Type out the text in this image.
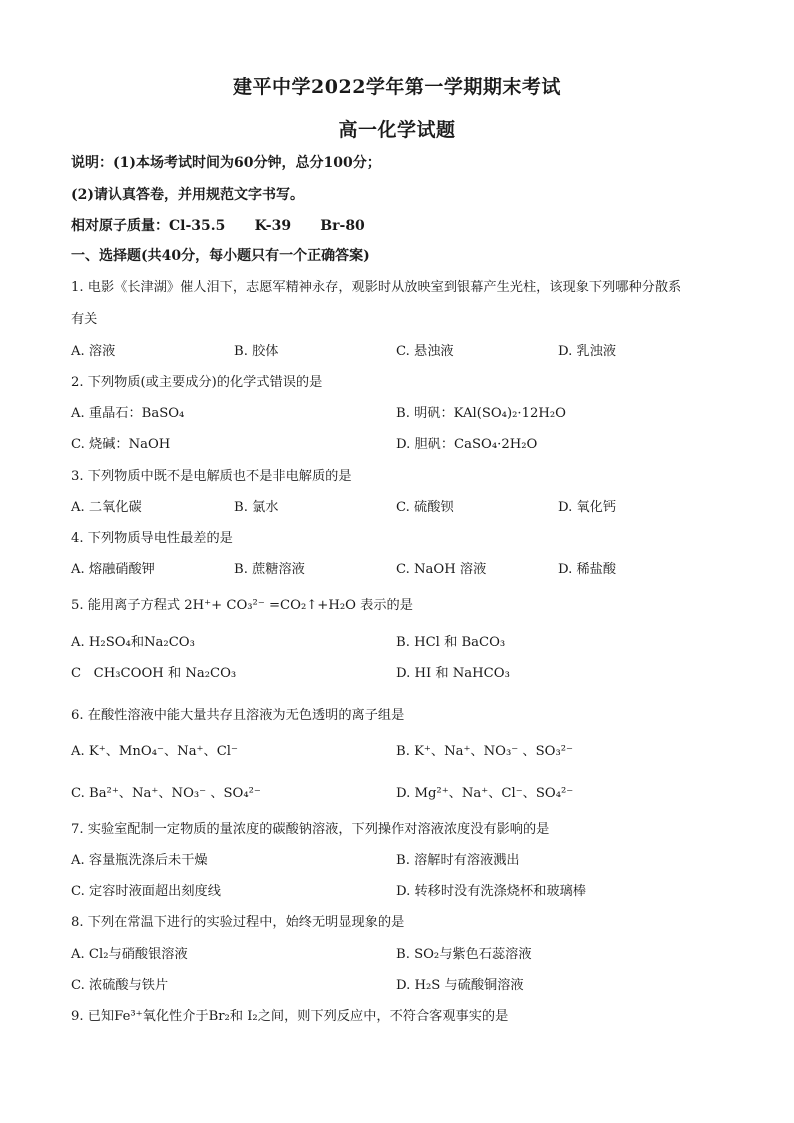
建平中学2022学年第一学期期末考试
高一化学试题
说明：(1)本场考试时间为60分钟，总分100分；
(2)请认真答卷，并用规范文字书写。
相对原子质量：Cl-35.5      K-39      Br-80
一、选择题(共40分，每小题只有一个正确答案)
1. 电影《长津湖》催人泪下，志愿军精神永存，观影时从放映室到银幕产生光柱，该现象下列哪种分散系
有关
A. 溶液	B. 胶体	C. 悬浊液	D. 乳浊液
2. 下列物质(或主要成分)的化学式错误的是
A. 重晶石：BaSO₄	B. 明矾：KAl(SO₄)₂·12H₂O
C. 烧碱：NaOH	D. 胆矾：CaSO₄·2H₂O
3. 下列物质中既不是电解质也不是非电解质的是
A. 二氧化碳	B. 氯水	C. 硫酸钡	D. 氧化钙
4. 下列物质导电性最差的是
A. 熔融硝酸钾	B. 蔗糖溶液	C. NaOH 溶液	D. 稀盐酸
5. 能用离子方程式 2H⁺+ CO₃²⁻ =CO₂↑+H₂O 表示的是
A. H₂SO₄和Na₂CO₃	B. HCl 和 BaCO₃
C   CH₃COOH 和 Na₂CO₃	D. HI 和 NaHCO₃
6. 在酸性溶液中能大量共存且溶液为无色透明的离子组是
A. K⁺、MnO₄⁻、Na⁺、Cl⁻	B. K⁺、Na⁺、NO₃⁻ 、SO₃²⁻
C. Ba²⁺、Na⁺、NO₃⁻ 、SO₄²⁻	D. Mg²⁺、Na⁺、Cl⁻、SO₄²⁻
7. 实验室配制一定物质的量浓度的碳酸钠溶液，下列操作对溶液浓度没有影响的是
A. 容量瓶洗涤后未干燥	B. 溶解时有溶液溅出
C. 定容时液面超出刻度线	D. 转移时没有洗涤烧杯和玻璃棒
8. 下列在常温下进行的实验过程中，始终无明显现象的是
A. Cl₂与硝酸银溶液	B. SO₂与紫色石蕊溶液
C. 浓硫酸与铁片	D. H₂S 与硫酸铜溶液
9. 已知Fe³⁺氧化性介于Br₂和 I₂之间，则下列反应中，不符合客观事实的是
